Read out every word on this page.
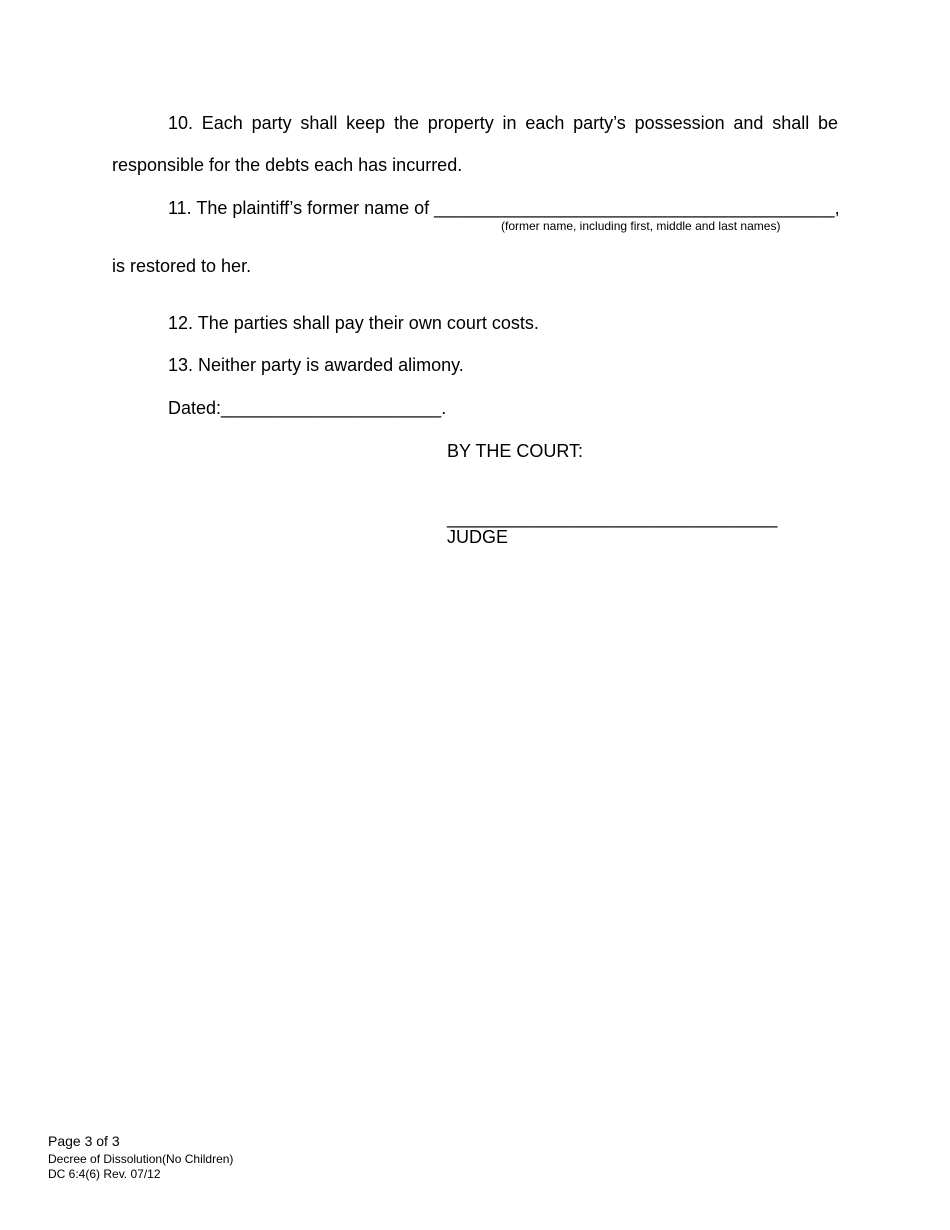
10. Each party shall keep the property in each party’s possession and shall be
responsible for the debts each has incurred.
11. The plaintiff’s former name of ________________________________________,
(former name, including first, middle and last names)
is restored to her.
12. The parties shall pay their own court costs.
13. Neither party is awarded alimony.
Dated:______________________.
BY THE COURT:
_________________________________
JUDGE
Page 3 of 3
Decree of Dissolution(No Children)
DC 6:4(6) Rev. 07/12
